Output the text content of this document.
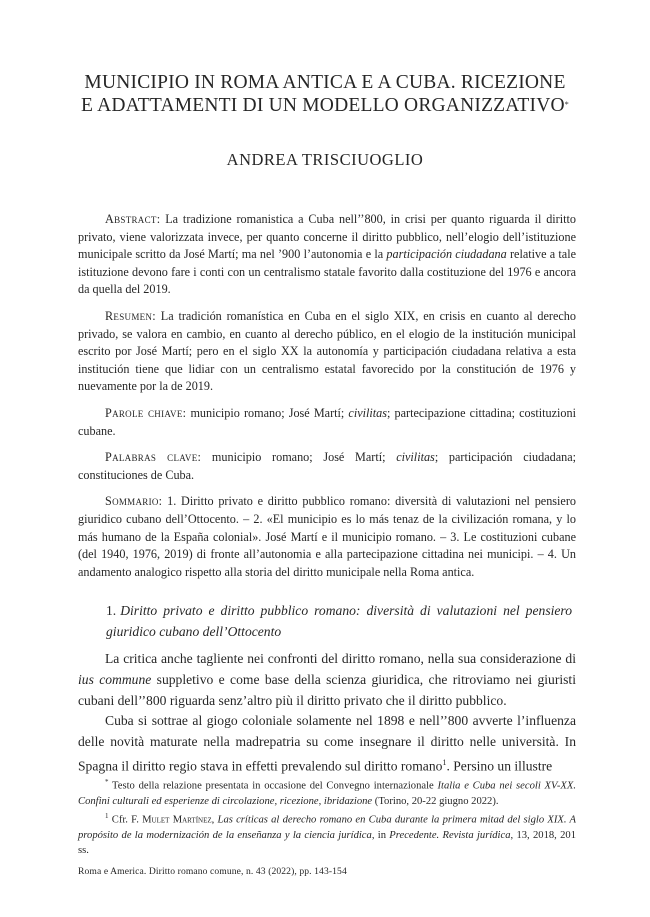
MUNICIPIO IN ROMA ANTICA E A CUBA. RICEZIONE
E ADATTAMENTI DI UN MODELLO ORGANIZZATIVO*
ANDREA TRISCIUOGLIO

Abstract: La tradizione romanistica a Cuba nell’’800, in crisi per quanto riguarda il diritto privato, viene valorizzata invece, per quanto concerne il diritto pubblico, nell’elogio dell’istituzione municipale scritto da José Martí; ma nel ’900 l’autonomia e la participación ciudadana relative a tale istituzione devono fare i conti con un centralismo statale favorito dalla costituzione del 1976 e ancora da quella del 2019.

Resumen: La tradición romanística en Cuba en el siglo XIX, en crisis en cuanto al derecho privado, se valora en cambio, en cuanto al derecho público, en el elogio de la institución municipal escrito por José Martí; pero en el siglo XX la autonomía y participación ciudadana relativa a esta institución tiene que lidiar con un centralismo estatal favorecido por la constitución de 1976 y nuevamente por la de 2019.

Parole chiave: municipio romano; José Martí; civilitas; partecipazione cittadina; costituzioni cubane.

Palabras clave: municipio romano; José Martí; civilitas; participación ciudadana; constituciones de Cuba.

Sommario: 1. Diritto privato e diritto pubblico romano: diversità di valutazioni nel pensiero giuridico cubano dell’Ottocento. – 2. «El municipio es lo más tenaz de la civilización romana, y lo más humano de la España colonial». José Martí e il municipio romano. – 3. Le costituzioni cubane (del 1940, 1976, 2019) di fronte all’autonomia e alla partecipazione cittadina nei municipi. – 4. Un andamento analogico rispetto alla storia del diritto municipale nella Roma antica.

1. Diritto privato e diritto pubblico romano: diversità di valutazioni nel pensiero giuridico cubano dell’Ottocento

La critica anche tagliente nei confronti del diritto romano, nella sua considerazione di ius commune suppletivo e come base della scienza giuridica, che ritroviamo nei giuristi cubani dell’’800 riguarda senz’altro più il diritto privato che il diritto pubblico.

Cuba si sottrae al giogo coloniale solamente nel 1898 e nell’’800 avverte l’influenza delle novità maturate nella madrepatria su come insegnare il diritto nelle università. In Spagna il diritto regio stava in effetti prevalendo sul diritto romano$^1$. Persino un illustre

* Testo della relazione presentata in occasione del Convegno internazionale Italia e Cuba nei secoli XV-XX. Confini culturali ed esperienze di circolazione, ricezione, ibridazione (Torino, 20-22 giugno 2022).

$^1$ Cfr. F. Mulet Martínez, Las críticas al derecho romano en Cuba durante la primera mitad del siglo XIX. A propósito de la modernización de la enseñanza y la ciencia jurídica, in Precedente. Revista jurídica, 13, 2018, 201 ss.

Roma e America. Diritto romano comune, n. 43 (2022), pp. 143-154
